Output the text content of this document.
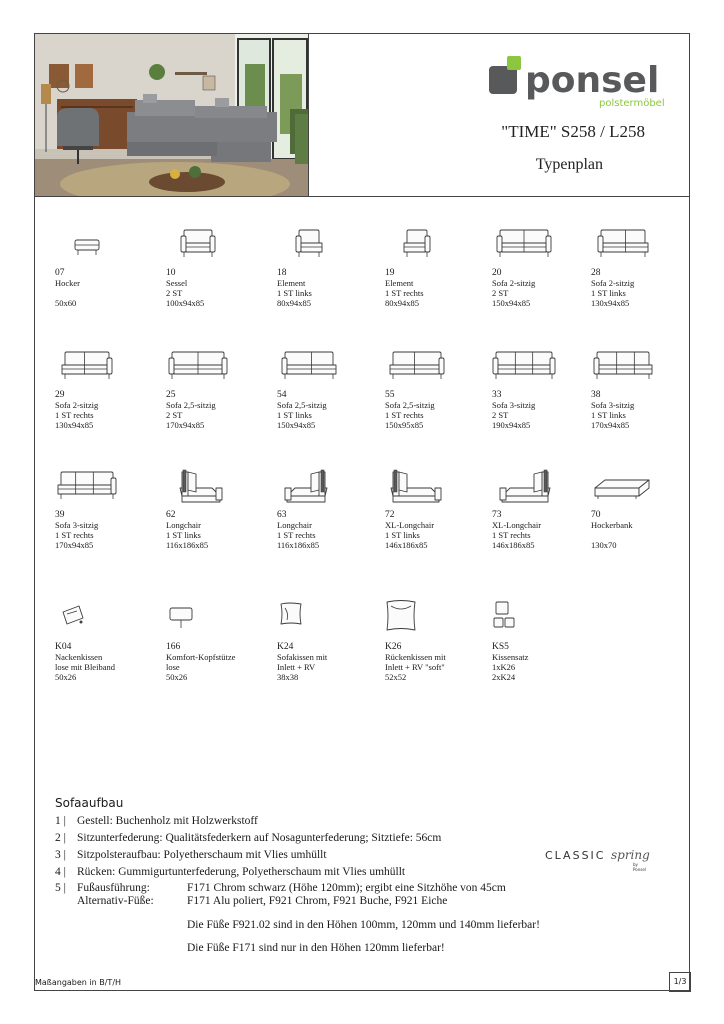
ponsel
polstermöbel
"TIME" S258 / L258
Typenplan
07
Hocker
50x60
10
Sessel
2 ST
100x94x85
18
Element
1 ST links
80x94x85
19
Element
1 ST rechts
80x94x85
20
Sofa 2-sitzig
2 ST
150x94x85
28
Sofa 2-sitzig
1 ST links
130x94x85
29
Sofa 2-sitzig
1 ST rechts
130x94x85
25
Sofa 2,5-sitzig
2 ST
170x94x85
54
Sofa 2,5-sitzig
1 ST links
150x94x85
55
Sofa 2,5-sitzig
1 ST rechts
150x95x85
33
Sofa 3-sitzig
2 ST
190x94x85
38
Sofa 3-sitzig
1 ST links
170x94x85
39
Sofa 3-sitzig
1 ST rechts
170x94x85
62
Longchair
1 ST links
116x186x85
63
Longchair
1 ST rechts
116x186x85
72
XL-Longchair
1 ST links
146x186x85
73
XL-Longchair
1 ST rechts
146x186x85
70
Hockerbank
130x70
K04
Nackenkissen
lose mit Bleiband
50x26
166
Komfort-Kopfstütze
lose
50x26
K24
Sofakissen mit
Inlett + RV
38x38
K26
Rückenkissen mit
Inlett + RV "soft"
52x52
KS5
Kissensatz
1xK26
2xK24
Sofaaufbau
1 | Gestell: Buchenholz mit Holzwerkstoff
2 | Sitzunterfederung: Qualitätsfederkern auf Nosagunterfederung; Sitztiefe: 56cm
3 | Sitzpolsteraufbau: Polyetherschaum mit Vlies umhüllt
4 | Rücken: Gummigurtunterfederung, Polyetherschaum mit Vlies umhüllt
5 | Fußausführung:	F171 Chrom schwarz (Höhe 120mm); ergibt eine Sitzhöhe von 45cm
Alternativ-Füße:	F171 Alu poliert, F921 Chrom, F921 Buche, F921 Eiche
Die Füße F921.02 sind in den Höhen 100mm, 120mm und 140mm lieferbar!
Die Füße F171 sind nur in den Höhen 120mm lieferbar!
CLASSIC spring
by Ponsel
Maßangaben in B/T/H	1/3
